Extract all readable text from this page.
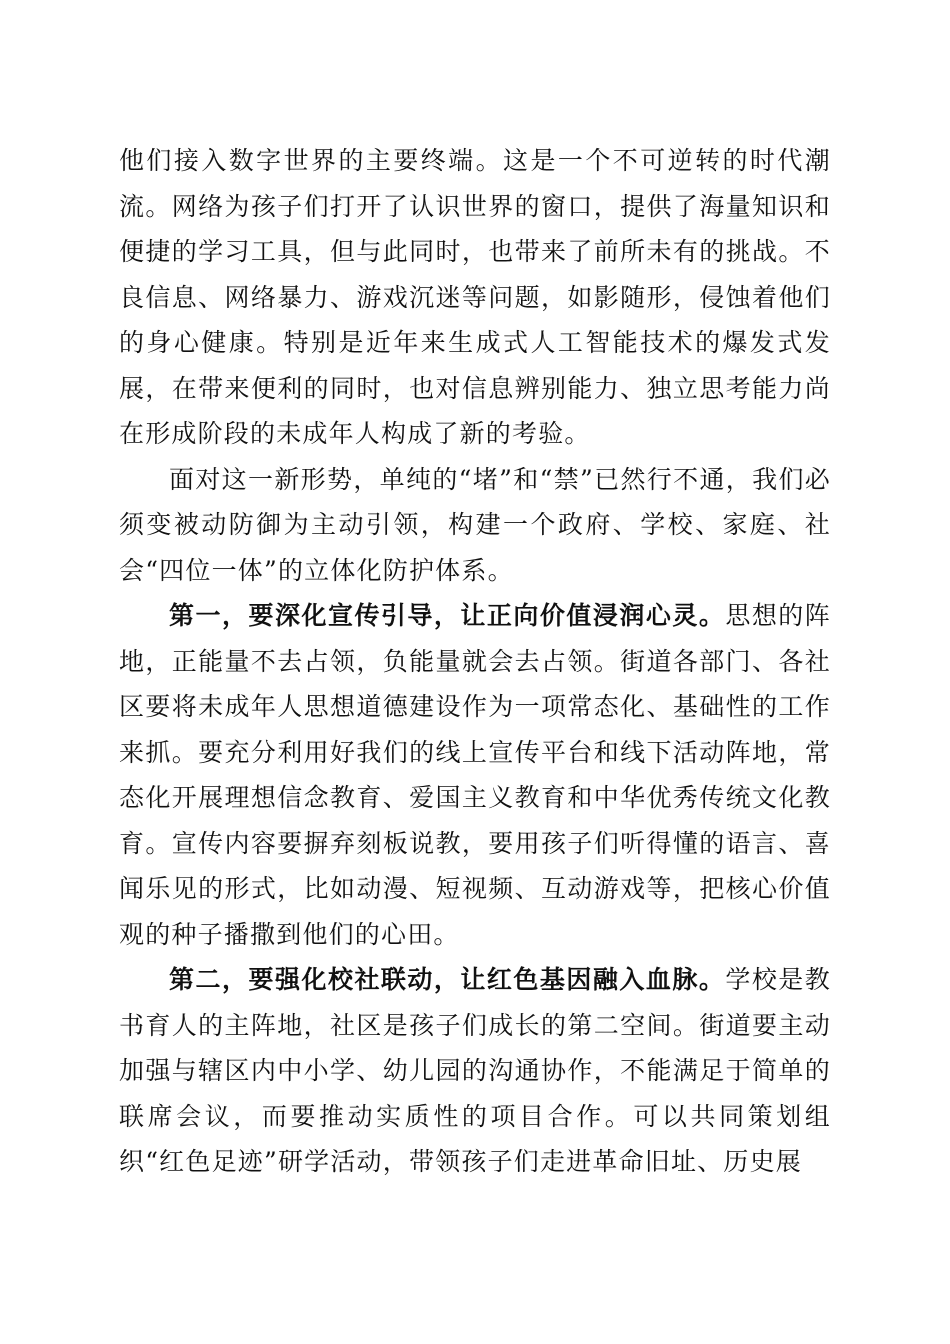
他们接入数字世界的主要终端。这是一个不可逆转的时代潮流。网络为孩子们打开了认识世界的窗口，提供了海量知识和便捷的学习工具，但与此同时，也带来了前所未有的挑战。不良信息、网络暴力、游戏沉迷等问题，如影随形，侵蚀着他们的身心健康。特别是近年来生成式人工智能技术的爆发式发展，在带来便利的同时，也对信息辨别能力、独立思考能力尚在形成阶段的未成年人构成了新的考验。

面对这一新形势，单纯的“堵”和“禁”已然行不通，我们必须变被动防御为主动引领，构建一个政府、学校、家庭、社会“四位一体”的立体化防护体系。

第一，要深化宣传引导，让正向价值浸润心灵。思想的阵地，正能量不去占领，负能量就会去占领。街道各部门、各社区要将未成年人思想道德建设作为一项常态化、基础性的工作来抓。要充分利用好我们的线上宣传平台和线下活动阵地，常态化开展理想信念教育、爱国主义教育和中华优秀传统文化教育。宣传内容要摒弃刻板说教，要用孩子们听得懂的语言、喜闻乐见的形式，比如动漫、短视频、互动游戏等，把核心价值观的种子播撒到他们的心田。

第二，要强化校社联动，让红色基因融入血脉。学校是教书育人的主阵地，社区是孩子们成长的第二空间。街道要主动加强与辖区内中小学、幼儿园的沟通协作，不能满足于简单的联席会议，而要推动实质性的项目合作。可以共同策划组织“红色足迹”研学活动，带领孩子们走进革命旧址、历史展
